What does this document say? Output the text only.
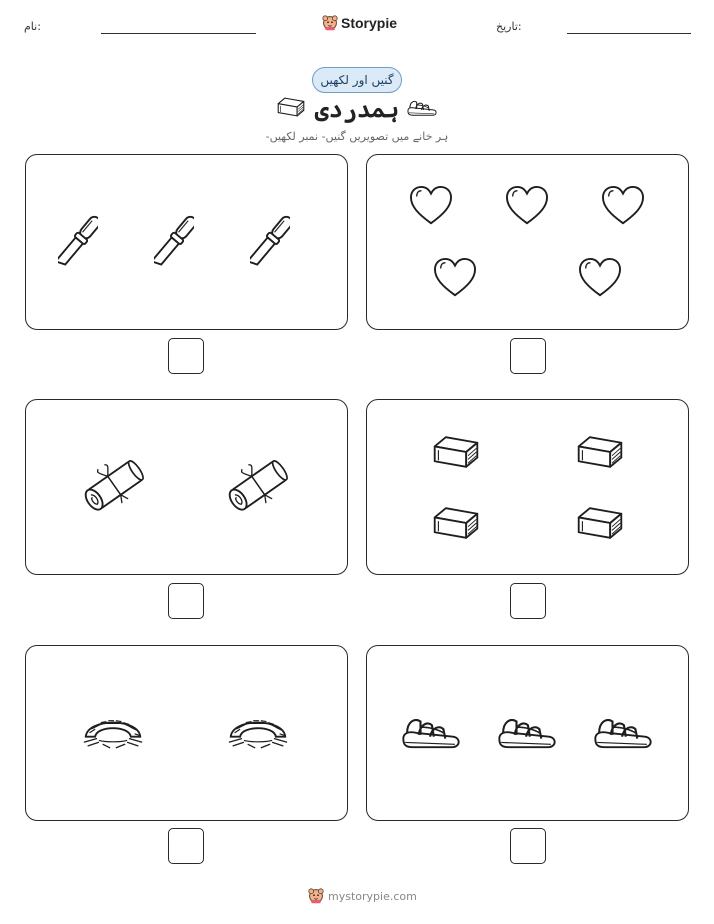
نام:	Storypie	تاریخ:
گنیں اور لکھیں
ہمدردی
ہر خانے میں تصویریں گنیں- نمبر لکھیں-
mystorypie.com
